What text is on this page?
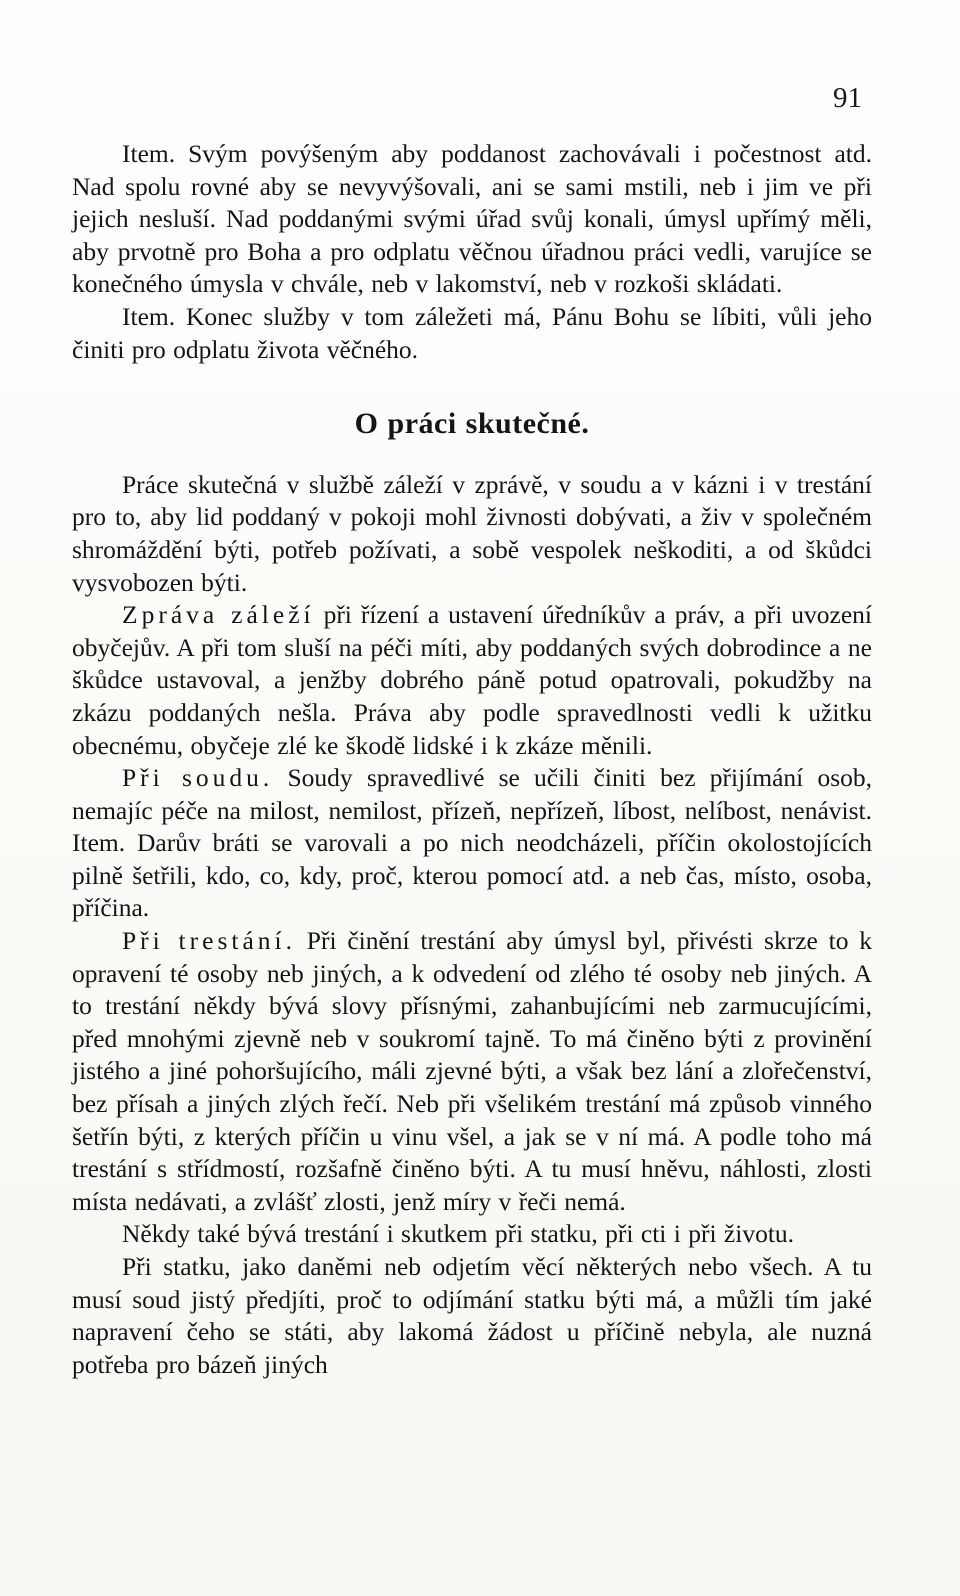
91

Item. Svým povýšeným aby poddanost zachovávali i počestnost atd. Nad spolu rovné aby se nevyvýšovali, ani se sami mstili, neb i jim ve při jejich nesluší. Nad poddanými svými úřad svůj konali, úmysl upřímý měli, aby prvotně pro Boha a pro odplatu věčnou úřadnou práci vedli, varujíce se konečného úmysla v chvále, neb v lakomství, neb v rozkoši skládati.

Item. Konec služby v tom záležeti má, Pánu Bohu se líbiti, vůli jeho činiti pro odplatu života věčného.

O práci skutečné.

Práce skutečná v službě záleží v zprávě, v soudu a v kázni i v trestání pro to, aby lid poddaný v pokoji mohl živnosti dobývati, a živ v společném shromáždění býti, potřeb požívati, a sobě vespolek neškoditi, a od škůdci vysvobozen býti.

Zpráva záleží při řízení a ustavení úředníkův a práv, a při uvození obyčejův. A při tom sluší na péči míti, aby poddaných svých dobrodince a ne škůdce ustavoval, a jenžby dobrého páně potud opatrovali, pokudžby na zkázu poddaných nešla. Práva aby podle spravedlnosti vedli k užitku obecnému, obyčeje zlé ke škodě lidské i k zkáze měnili.

Při soudu. Soudy spravedlivé se učili činiti bez přijímání osob, nemajíc péče na milost, nemilost, přízeň, nepřízeň, líbost, nelíbost, nenávist. Item. Darův bráti se varovali a po nich neodcházeli, příčin okolostojících pilně šetřili, kdo, co, kdy, proč, kterou pomocí atd. a neb čas, místo, osoba, příčina.

Při trestání. Při činění trestání aby úmysl byl, přivésti skrze to k opravení té osoby neb jiných, a k odvedení od zlého té osoby neb jiných. A to trestání někdy bývá slovy přísnými, zahanbujícími neb zarmucujícími, před mnohými zjevně neb v soukromí tajně. To má činěno býti z provinění jistého a jiné pohoršujícího, máli zjevné býti, a však bez lání a zlořečenství, bez přísah a jiných zlých řečí. Neb při všelikém trestání má způsob vinného šetřín býti, z kterých příčin u vinu všel, a jak se v ní má. A podle toho má trestání s střídmostí, rozšafně činěno býti. A tu musí hněvu, náhlosti, zlosti místa nedávati, a zvlášť zlosti, jenž míry v řeči nemá.

Někdy také bývá trestání i skutkem při statku, při cti i při životu.

Při statku, jako daněmi neb odjetím věcí některých nebo všech. A tu musí soud jistý předjíti, proč to odjímání statku býti má, a můžli tím jaké napravení čeho se státi, aby lakomá žádost u příčině nebyla, ale nuzná potřeba pro bázeň jiných
